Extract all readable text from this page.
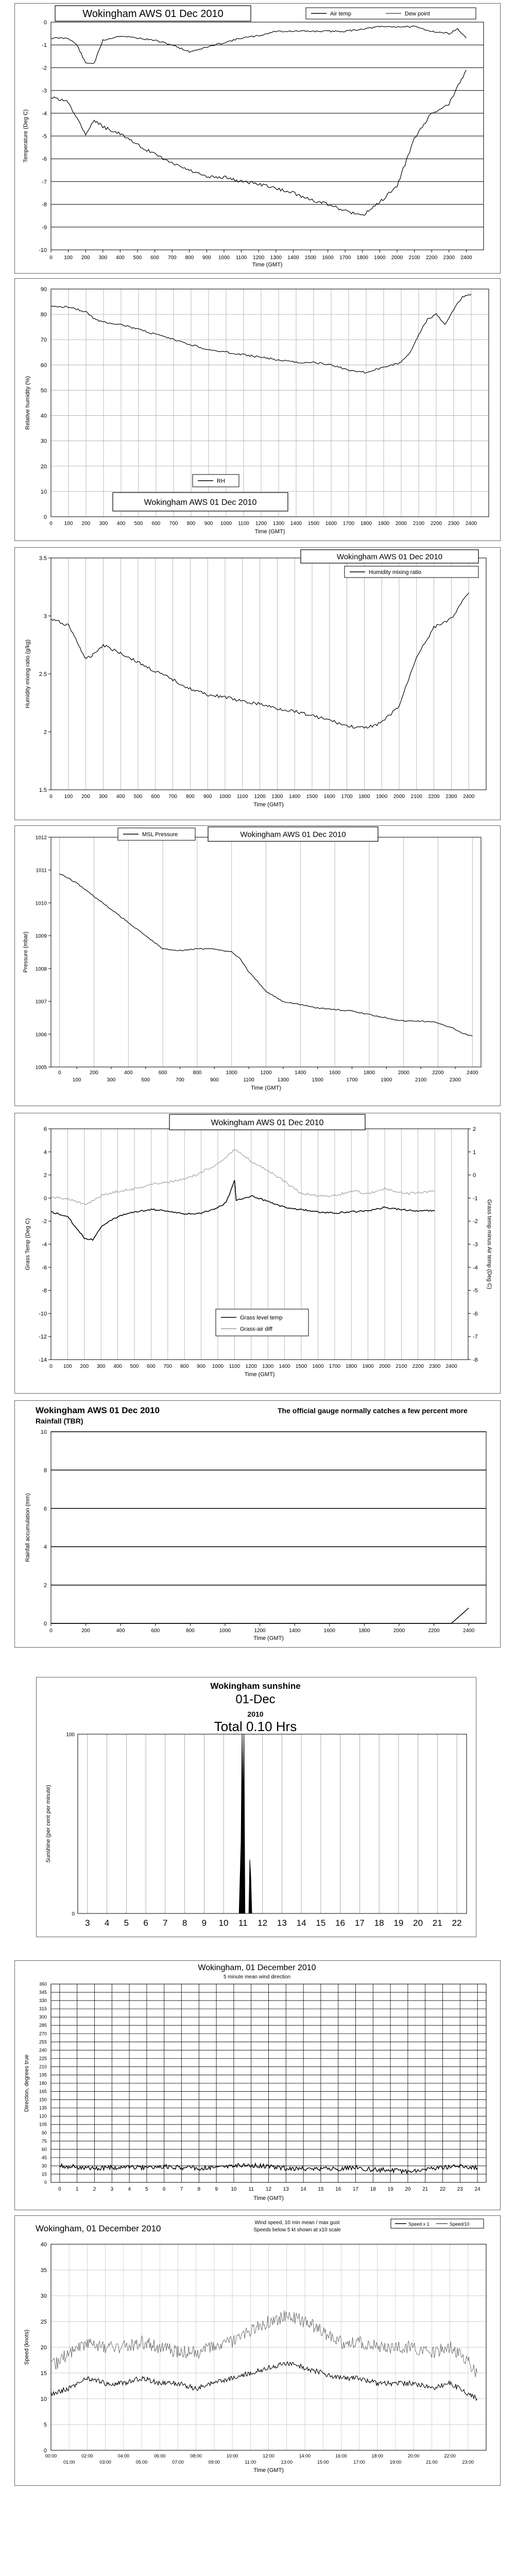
-10
-9
-8
-7
-6
-5
-4
-3
-2
-1
0
0 100 200 300 400 500 600 700 800 900 1000 1100 1200 1300 1400 1500 1600 1700 1800 1900 2000 2100 2200 2300 2400
Time (GMT)
Temperature (Deg C)
Wokingham AWS 01 Dec 2010	Air temp	Dew point
0
10
20
30
40
50
60
70
80
90
0 100 200 300 400 500 600 700 800 900 1000 1100 1200 1300 1400 1500 1600 1700 1800 1900 2000 2100 2200 2300 2400
Time (GMT)
Relative humidity (%)
RH
Wokingham AWS 01 Dec 2010
0 100 200 300 400 500 600 700 800 900 1000 1100 1200 1300 1400 1500 1600 1700 1800 1900 2000 2100 2200 2300 2400
1.5
2
2.5
3
3.5
Time (GMT)
Humidity mixing ratio (g/kg)
Wokingham AWS 01 Dec 2010
Humidity mixing ratio
0	200	400	600	800	1000	1200	1400	1600	1800	2000	2200	2400
100	300	500	700	900	1100	1300	1500	1700	1900	2100	2300
1005
1006
1007
1008
1009
1010
1011
1012
Time (GMT)
Pressure (mbar)
MSL Pressure	Wokingham AWS 01 Dec 2010
0 100 200 300 400 500 600 700 800 900 1000 1100 1200 1300 1400 1500 1600 1700 1800 1900 2000 2100 2200 2300 2400
-14
-12
-10
-8
-6
-4
-2
0
2
4
6
-8
-7
-6
-5
-4
-3
-2
-1
0
1
2
Time (GMT)
Grass Temp (Deg C)	Grass temp minus Air temp (Deg C)
Wokingham AWS 01 Dec 2010
Grass level temp
Grass-air diff
0
2
4
6
8
10
0	200	400	600	800	1000	1200	1400	1600	1800	2000	2200	2400
Time (GMT)
Rainfall accumulation (mm)
Wokingham AWS 01 Dec 2010
Rainfall (TBR)
The official gauge normally catches a few percent more
3 4 5 6 7 8 9 10 11 12 13 14 15 16 17 18 19 20 21 22
0
100
Sunshine (per cent per minute)
Wokingham sunshine
01-Dec
2010
Total 0.10 Hrs
0
15
30
45
60
75
90
105
120
135
150
165
180
195
210
225
240
255
270
285
300
315
330
345
360
0	1	2	3	4	5	6	7	8	9	10 11 12 13 14 15 16 17 18 19 20 21 22 23 24
Time (GMT)
Direction, degrees true
Wokingham, 01 December 2010
5 minute mean wind direction
0
5
10
15
20
25
30
35
40
00:00	02:00	04:00	06:00	08:00	10:00	12:00	14:00	16:00	18:00	20:00	22:00
01:00	03:00	05:00	07:00	09:00	11:00	13:00	15:00	17:00	19:00	21:00	23:00
Time (GMT)
Speed (knots)
Wokingham, 01 December 2010
Wind speed, 10 min mean / max gust
Speeds below 5 kt shown at x10 scale
Speed x 1	Speed/10
